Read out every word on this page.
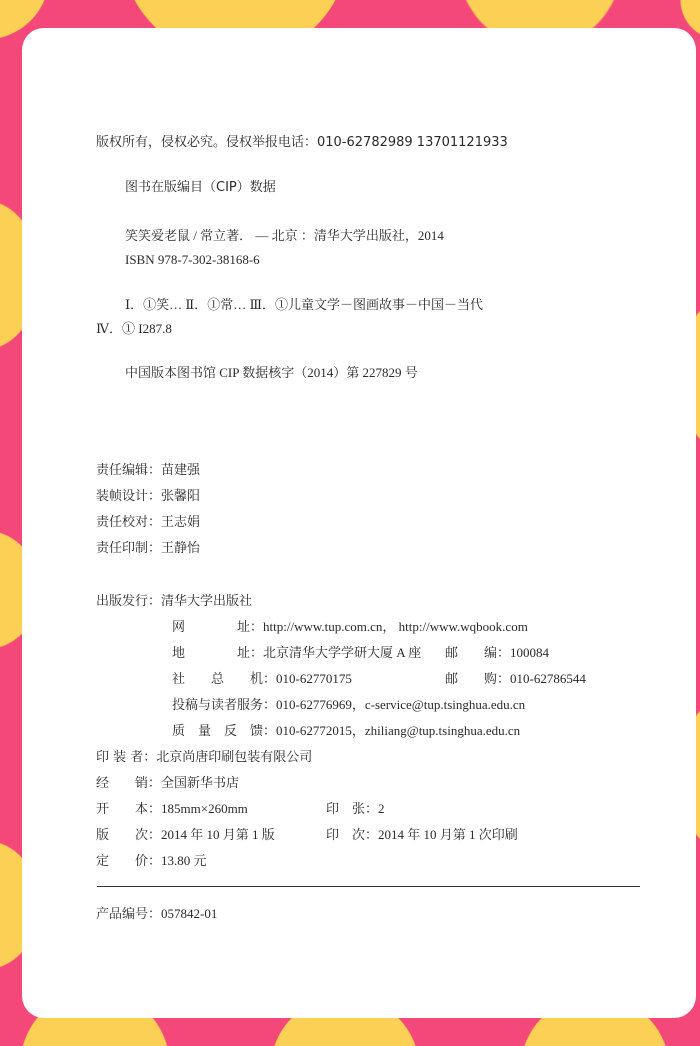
版权所有，侵权必究。侵权举报电话：010-62782989 13701121933
图书在版编目（CIP）数据
笑笑爱老鼠 / 常立著． — 北京 ：清华大学出版社，2014
ISBN 978-7-302-38168-6
Ⅰ．①笑… Ⅱ．①常… Ⅲ．①儿童文学－图画故事－中国－当代
Ⅳ．① I287.8
中国版本图书馆 CIP 数据核字（2014）第 227829 号
责任编辑：苗建强
装帧设计：张馨阳
责任校对：王志娟
责任印制：王静怡
出版发行：清华大学出版社
网　　　　址：http://www.tup.com.cn， http://www.wqbook.com
地　　　　址：北京清华大学学研大厦 A 座 邮　　编：100084
社　　总　　机：010-62770175	邮　　购：010-62786544
投稿与读者服务：010-62776969，c-service@tup.tsinghua.edu.cn
质　量　反　馈：010-62772015，zhiliang@tup.tsinghua.edu.cn
印 装 者：北京尚唐印刷包装有限公司
经　　销：全国新华书店
开　　本：185mm×260mm	印　张：2
版　　次：2014 年 10 月第 1 版	印　次：2014 年 10 月第 1 次印刷
定　　价：13.80 元
产品编号：057842-01
